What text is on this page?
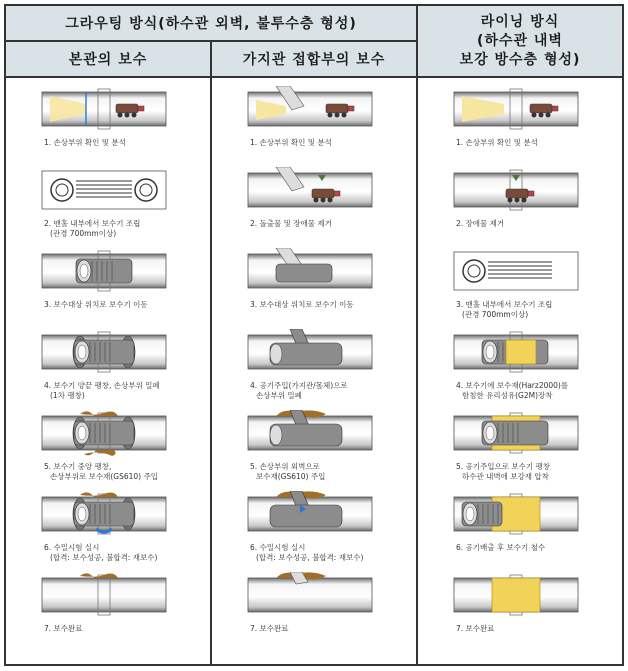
그라우팅 방식(하수관 외벽, 불투수층 형성)
본관의 보수	가지관 접합부의 보수
라이닝 방식
(하수관 내벽
보강 방수층 형성)
1. 손상부위 확인 및 분석
2. 맨홀 내부에서 보수기 조립
(관경 700mm이상)
3. 보수대상 위치로 보수기 이동
4. 보수기 양끝 팽창, 손상부위 밀폐
(1차 팽창)
5. 보수기 중앙 팽창,
손상부위로 보수재(GS610) 주입
6. 수밀시험 실시
(합격: 보수성공, 불합격: 재보수)
7. 보수완료
1. 손상부위 확인 및 분석
2. 돌출물 및 장애물 제거
3. 보수대상 위치로 보수기 이동
4. 공기주입(가지관/몸체)으로
손상부위 밀폐
5. 손상부위 외벽으로
보수재(GS610) 주입
6. 수밀시험 실시
(합격: 보수성공, 불합격: 재보수)
7. 보수완료
1. 손상부위 확인 및 분석
2. 장애물 제거
3. 맨홀 내부에서 보수기 조립
(관경 700mm이상)
4. 보수기에 보수재(Harz2000)를
함침한 유리섬유(G2M)장착
5. 공기주입으로 보수기 팽창
하수관 내벽에 보강재 압착
6. 공기배출 후 보수기 철수
7. 보수완료
